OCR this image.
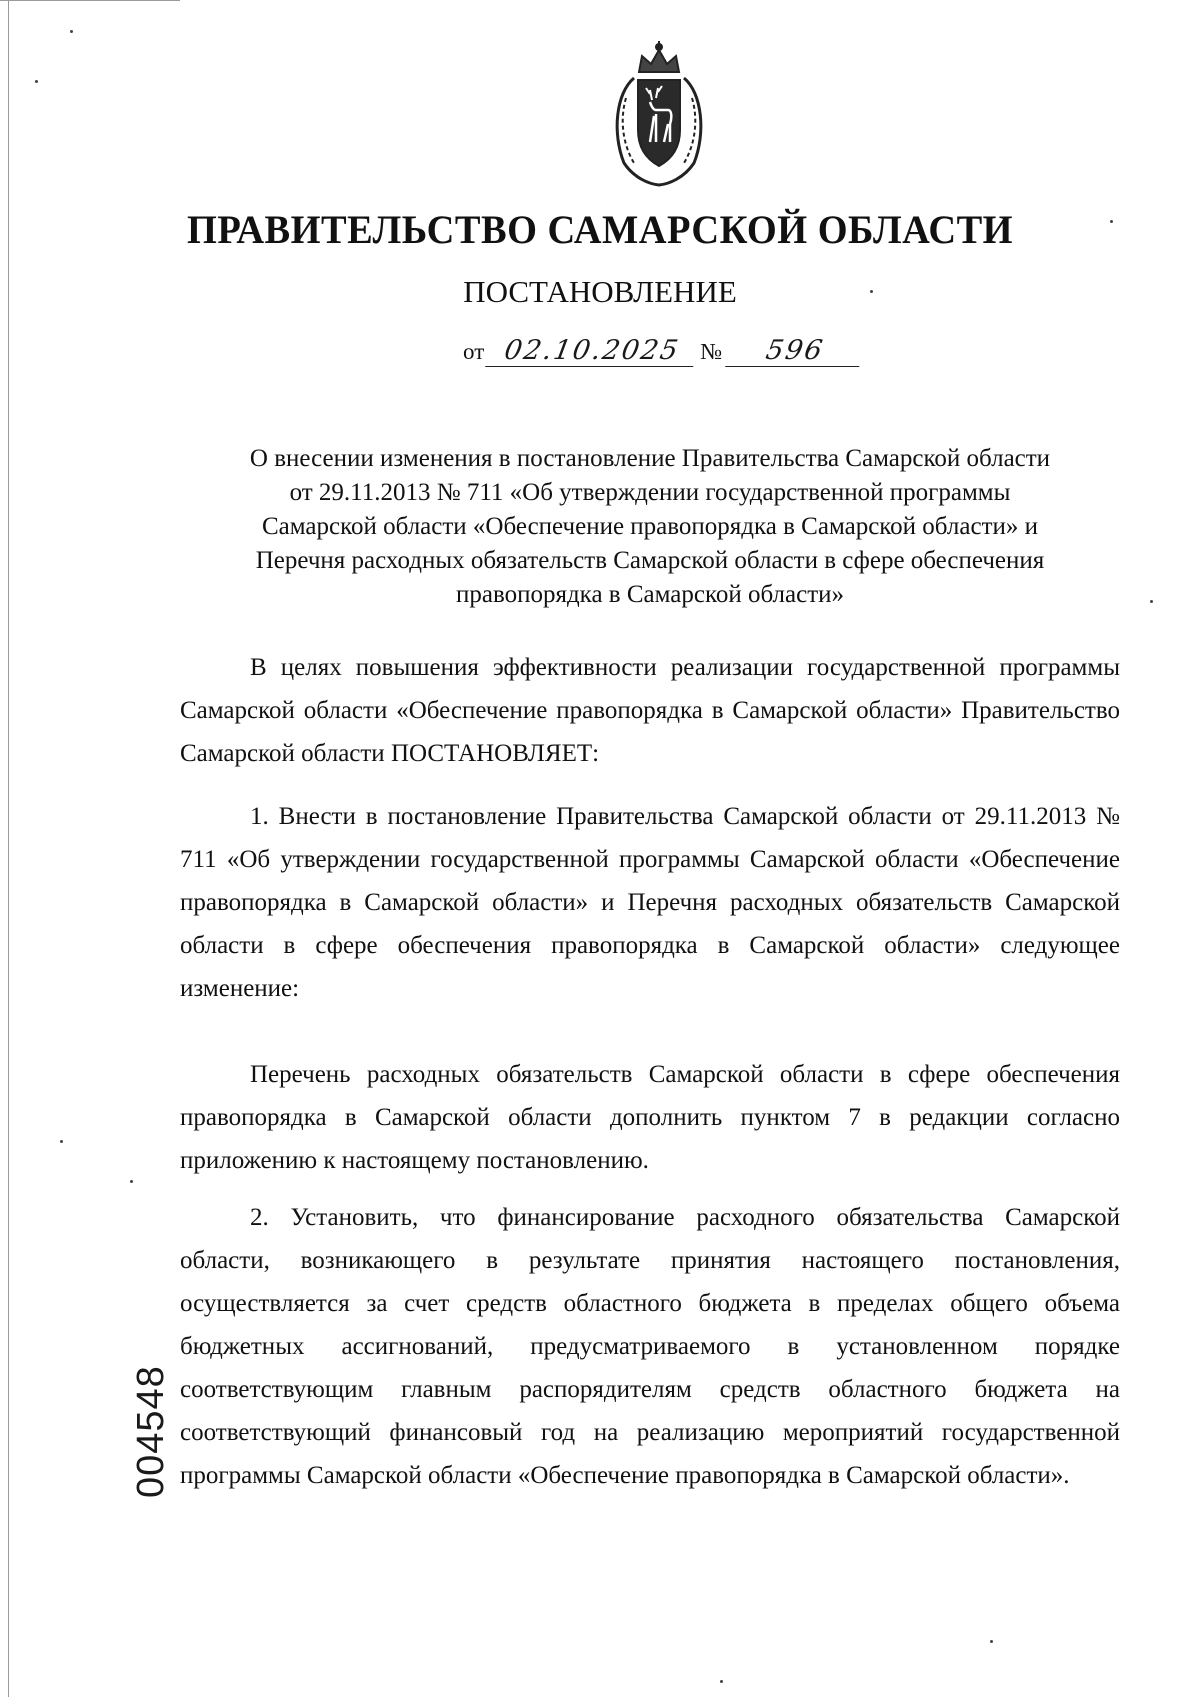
ПРАВИТЕЛЬСТВО САМАРСКОЙ ОБЛАСТИ
ПОСТАНОВЛЕНИЕ
от 02.10.2025 № 596
О внесении изменения в постановление Правительства Самарской области
от 29.11.2013 № 711 «Об утверждении государственной программы
Самарской области «Обеспечение правопорядка в Самарской области» и
Перечня расходных обязательств Самарской области в сфере обеспечения
правопорядка в Самарской области»

В целях повышения эффективности реализации государственной программы Самарской области «Обеспечение правопорядка в Самарской области» Правительство Самарской области ПОСТАНОВЛЯЕТ:

1. Внести в постановление Правительства Самарской области от 29.11.2013 № 711 «Об утверждении государственной программы Самарской области «Обеспечение правопорядка в Самарской области» и Перечня расходных обязательств Самарской области в сфере обеспечения правопорядка в Самарской области» следующее изменение:

Перечень расходных обязательств Самарской области в сфере обеспечения правопорядка в Самарской области дополнить пунктом 7 в редакции согласно приложению к настоящему постановлению.

2. Установить, что финансирование расходного обязательства Самарской области, возникающего в результате принятия настоящего постановления, осуществляется за счет средств областного бюджета в пределах общего объема бюджетных ассигнований, предусматриваемого в установленном порядке соответствующим главным распорядителям средств областного бюджета на соответствующий финансовый год на реализацию мероприятий государственной программы Самарской области «Обеспечение правопорядка в Самарской области».

004548
